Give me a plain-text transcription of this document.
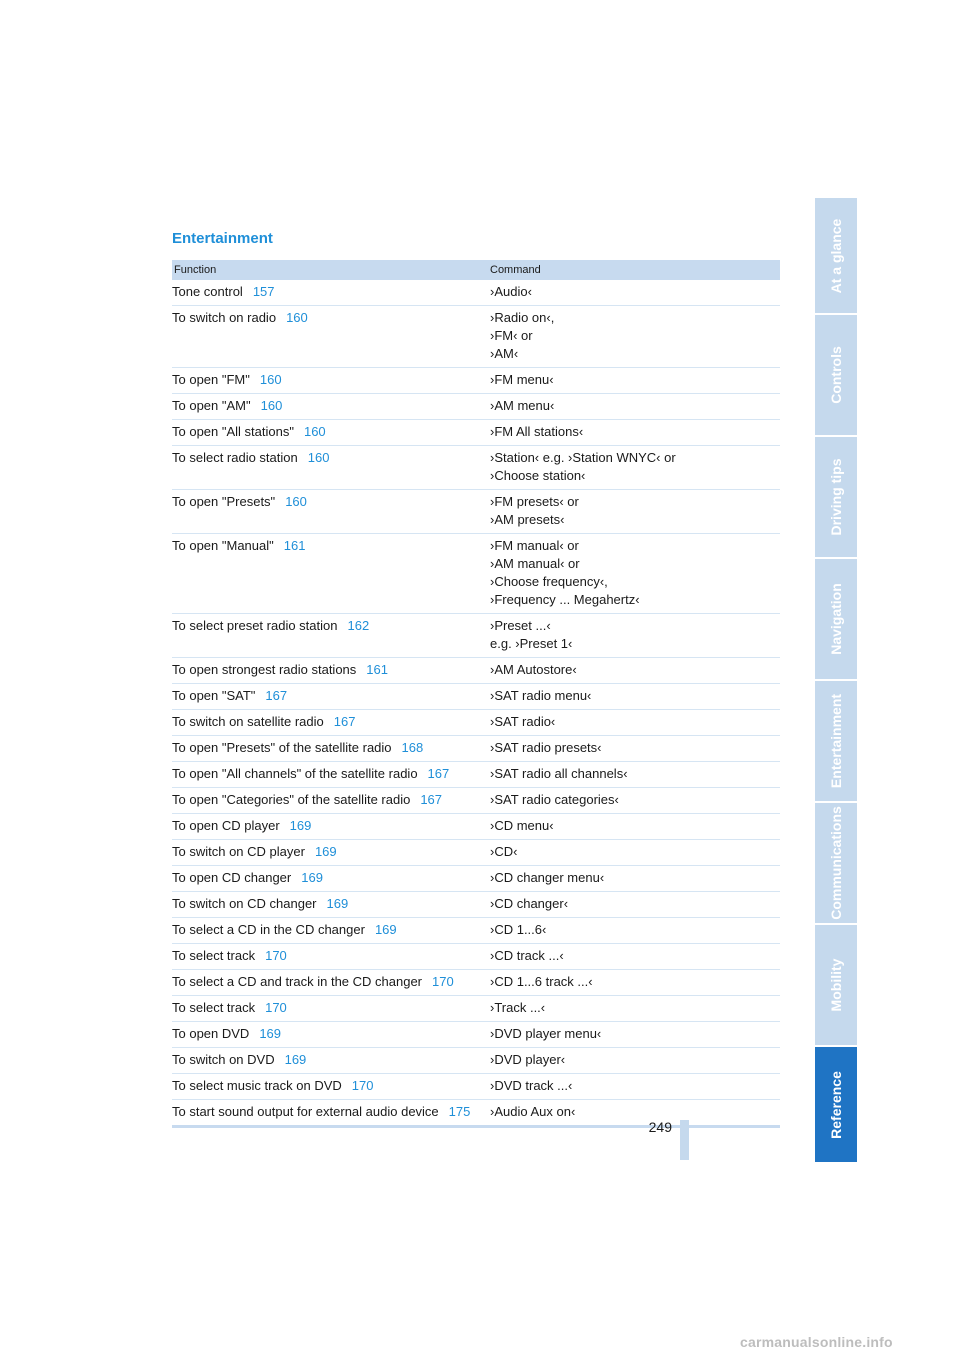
Entertainment
Function	Command
Tone control 157	›Audio‹

To switch on radio 160	›Radio on‹,
›FM‹ or
›AM‹

To open "FM" 160	›FM menu‹

To open "AM" 160	›AM menu‹

To open "All stations" 160	›FM All stations‹

To select radio station 160	›Station‹ e.g. ›Station WNYC‹ or
›Choose station‹

To open "Presets" 160	›FM presets‹ or
›AM presets‹

To open "Manual" 161	›FM manual‹ or
›AM manual‹ or
›Choose frequency‹,
›Frequency ... Megahertz‹

To select preset radio station 162	›Preset ...‹
e.g. ›Preset 1‹

To open strongest radio stations 161	›AM Autostore‹

To open "SAT" 167	›SAT radio menu‹

To switch on satellite radio 167	›SAT radio‹

To open "Presets" of the satellite radio 168	›SAT radio presets‹

To open "All channels" of the satellite radio 167	›SAT radio all channels‹

To open "Categories" of the satellite radio 167	›SAT radio categories‹

To open CD player 169	›CD menu‹

To switch on CD player 169	›CD‹

To open CD changer 169	›CD changer menu‹

To switch on CD changer 169	›CD changer‹

To select a CD in the CD changer 169	›CD 1...6‹

To select track 170	›CD track ...‹

To select a CD and track in the CD changer 170	›CD 1...6 track ...‹

To select track 170	›Track ...‹

To open DVD 169	›DVD player menu‹

To switch on DVD 169	›DVD player‹

To select music track on DVD 170	›DVD track ...‹

To start sound output for external audio device 175	›Audio Aux on‹
At a glance
Controls
Driving tips
Navigation
Entertainment
Communications
Mobility
Reference
249
carmanualsonline.info
